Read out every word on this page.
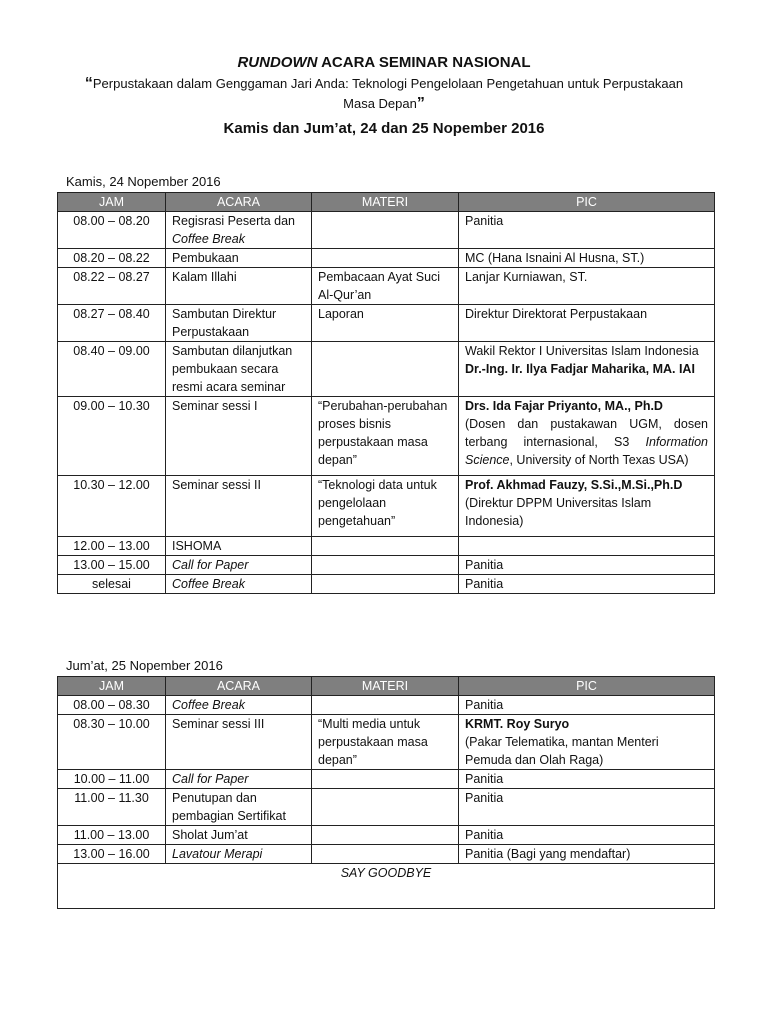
RUNDOWN ACARA SEMINAR NASIONAL
“Perpustakaan dalam Genggaman Jari Anda: Teknologi Pengelolaan Pengetahuan untuk Perpustakaan Masa Depan”
Kamis dan Jum’at, 24 dan 25 Nopember 2016
Kamis, 24 Nopember 2016
JAM	ACARA	MATERI	PIC
08.00 – 08.20	Regisrasi Peserta dan Coffee Break		Panitia
08.20 – 08.22	Pembukaan		MC (Hana Isnaini Al Husna, ST.)
08.22 – 08.27	Kalam Illahi	Pembacaan Ayat Suci Al-Qur’an	Lanjar Kurniawan, ST.
08.27 – 08.40	Sambutan Direktur Perpustakaan	Laporan	Direktur Direktorat Perpustakaan
08.40 – 09.00	Sambutan dilanjutkan pembukaan secara resmi acara seminar		Wakil Rektor I Universitas Islam Indonesia
Dr.-Ing. Ir. Ilya Fadjar Maharika, MA. IAI

09.00 – 10.30	Seminar sessi I	“Perubahan-perubahan proses bisnis perpustakaan masa depan”	Drs. Ida Fajar Priyanto, MA., Ph.D
(Dosen dan pustakawan UGM, dosen terbang internasional, S3 Information Science, University of North Texas USA)

10.30 – 12.00	Seminar sessi II	“Teknologi data untuk pengelolaan pengetahuan”	Prof. Akhmad Fauzy, S.Si.,M.Si.,Ph.D
(Direktur DPPM Universitas Islam Indonesia)

12.00 – 13.00	ISHOMA		
13.00 – 15.00	Call for Paper		Panitia
selesai	Coffee Break		Panitia
Jum’at, 25 Nopember 2016
JAM	ACARA	MATERI	PIC
08.00 – 08.30	Coffee Break		Panitia
08.30 – 10.00	Seminar sessi III	“Multi media untuk perpustakaan masa depan”	KRMT. Roy Suryo
(Pakar Telematika, mantan Menteri Pemuda dan Olah Raga)

10.00 – 11.00	Call for Paper		Panitia
11.00 – 11.30	Penutupan dan pembagian Sertifikat		Panitia
11.00 – 13.00	Sholat Jum’at		Panitia
13.00 – 16.00	Lavatour Merapi		Panitia (Bagi yang mendaftar)
SAY GOODBYE			
